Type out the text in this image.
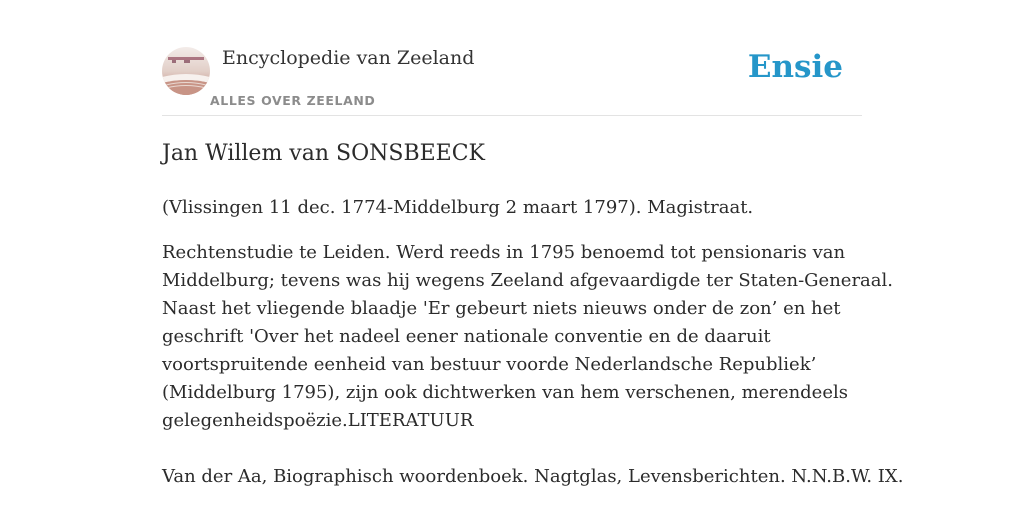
Encyclopedie van Zeeland
ALLES OVER ZEELAND
Ensie
Jan Willem van SONSBEECK

(Vlissingen 11 dec. 1774-Middelburg 2 maart 1797). Magistraat.

Rechtenstudie te Leiden. Werd reeds in 1795 benoemd tot pensionaris van
Middelburg; tevens was hij wegens Zeeland afgevaardigde ter Staten-Generaal.
Naast het vliegende blaadje 'Er gebeurt niets nieuws onder de zon’ en het
geschrift 'Over het nadeel eener nationale conventie en de daaruit
voortspruitende eenheid van bestuur voorde Nederlandsche Republiek’
(Middelburg 1795), zijn ook dichtwerken van hem verschenen, merendeels
gelegenheidspoëzie.LITERATUUR

Van der Aa, Biographisch woordenboek. Nagtglas, Levensberichten. N.N.B.W. IX.
